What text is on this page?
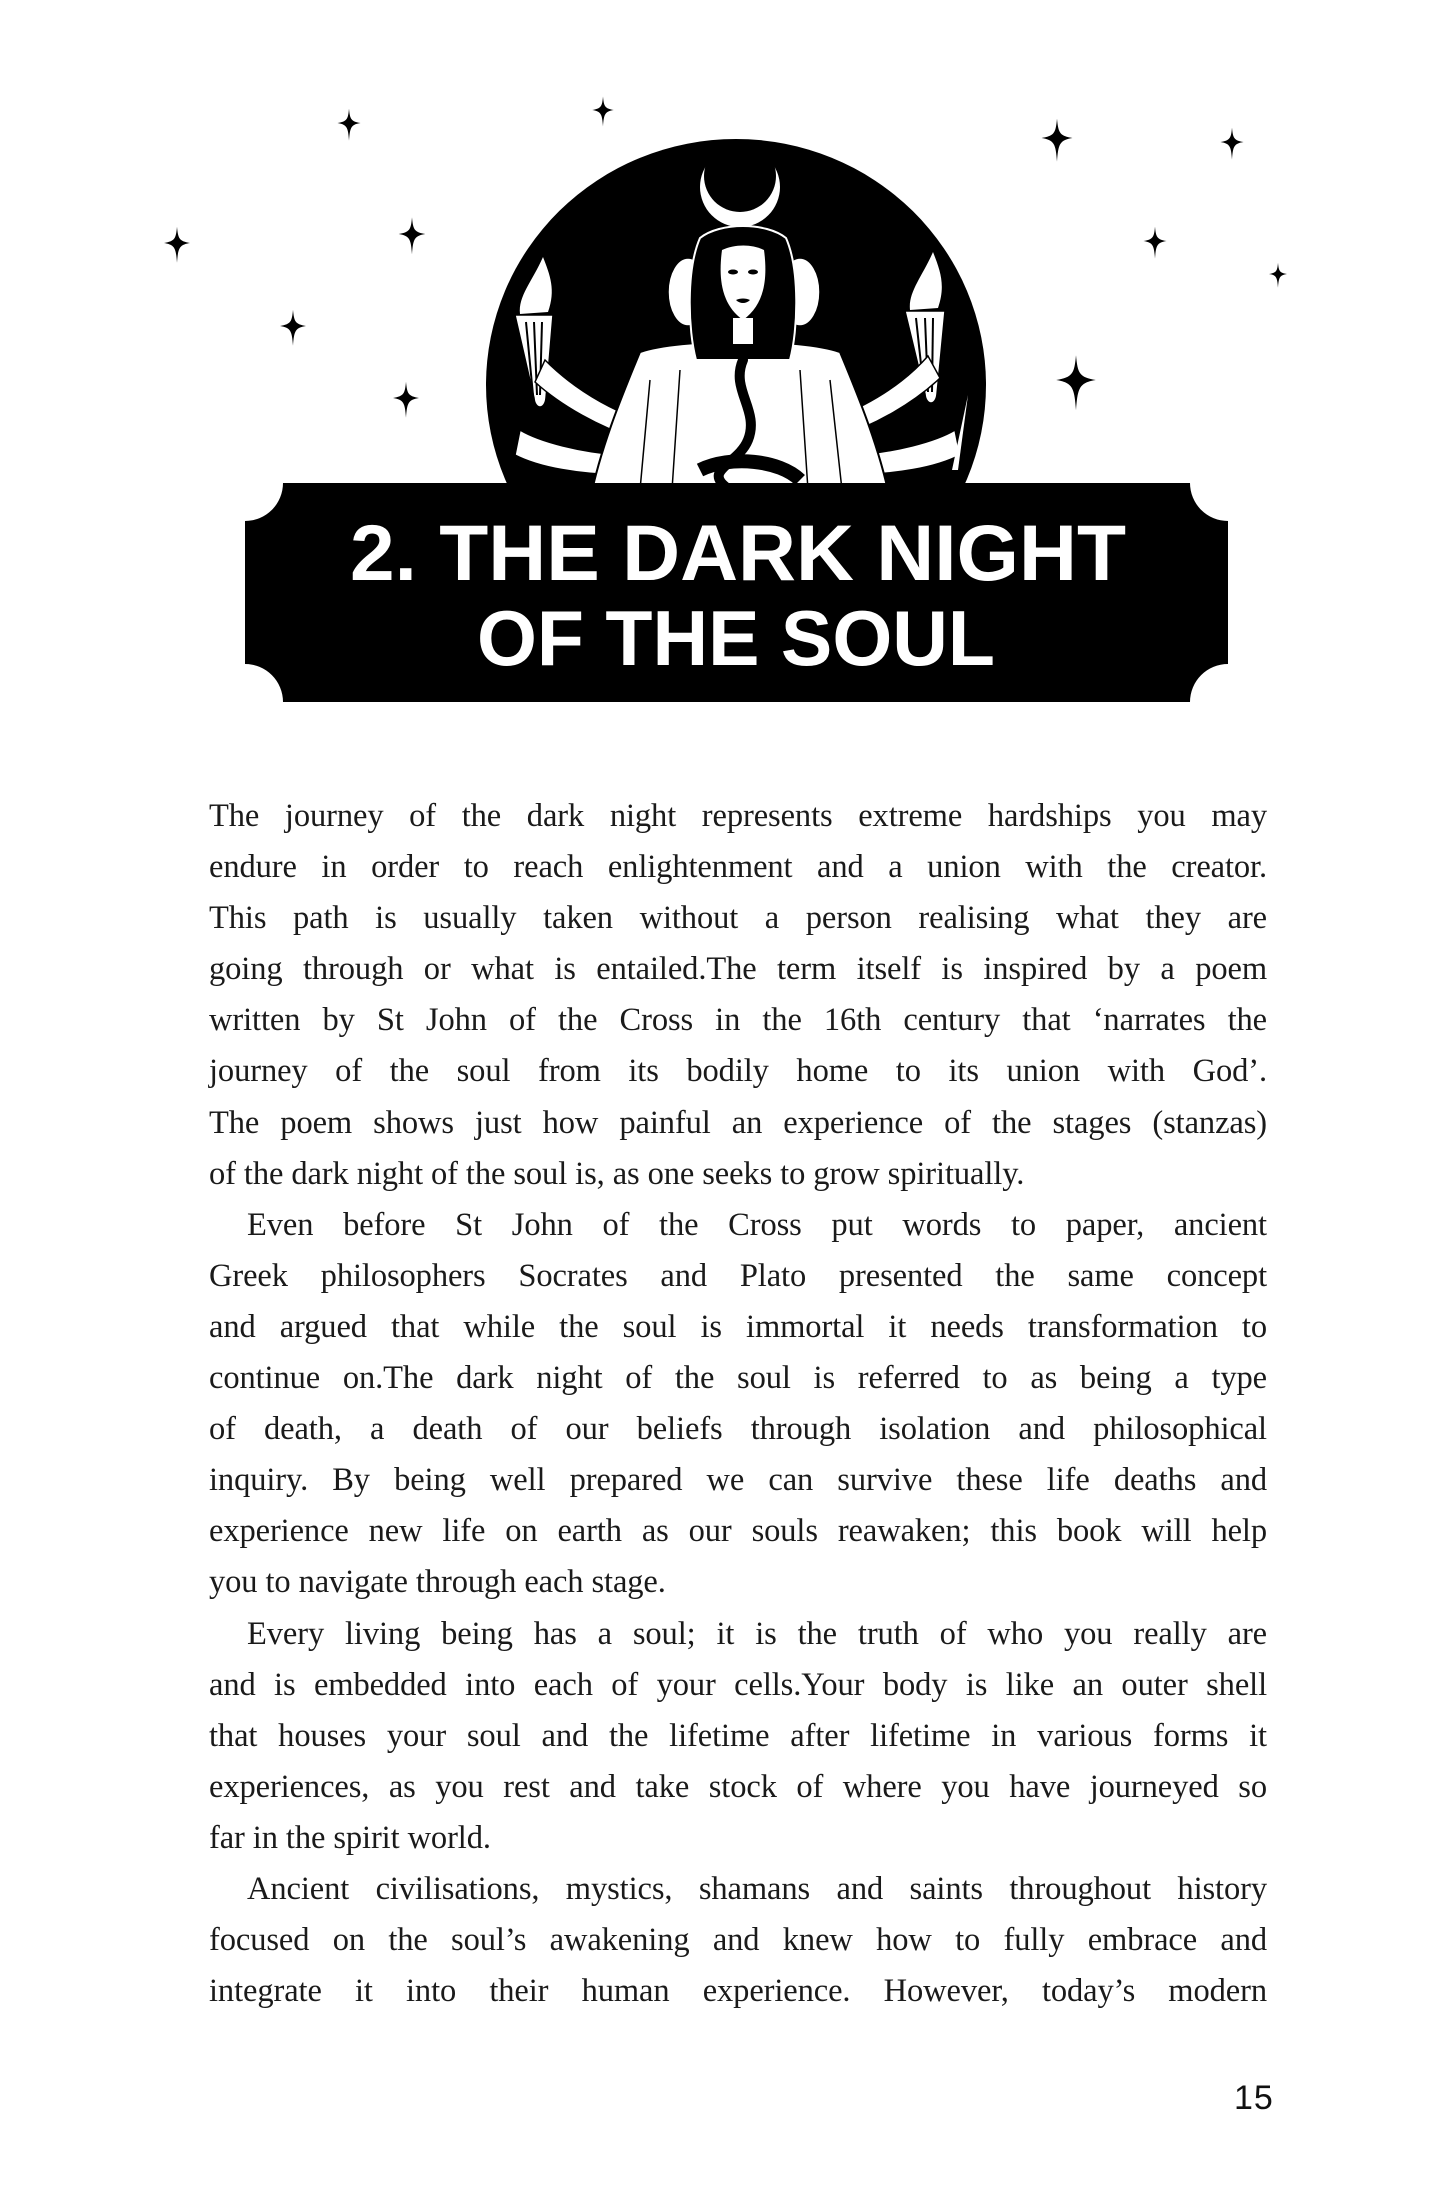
2. THE DARK NIGHT
OF THE SOUL
The journey of the dark night represents extreme hardships you may
endure in order to reach enlightenment and a union with the creator.
This path is usually taken without a person realising what they are
going through or what is entailed.The term itself is inspired by a poem
written by St John of the Cross in the 16th century that ‘narrates the
journey of the soul from its bodily home to its union with God’.
The poem shows just how painful an experience of the stages (stanzas)
of the dark night of the soul is, as one seeks to grow spiritually.
Even before St John of the Cross put words to paper, ancient
Greek philosophers Socrates and Plato presented the same concept
and argued that while the soul is immortal it needs transformation to
continue on.The dark night of the soul is referred to as being a type
of death, a death of our beliefs through isolation and philosophical
inquiry. By being well prepared we can survive these life deaths and
experience new life on earth as our souls reawaken; this book will help
you to navigate through each stage.
Every living being has a soul; it is the truth of who you really are
and is embedded into each of your cells.Your body is like an outer shell
that houses your soul and the lifetime after lifetime in various forms it
experiences, as you rest and take stock of where you have journeyed so
far in the spirit world.
Ancient civilisations, mystics, shamans and saints throughout history
focused on the soul’s awakening and knew how to fully embrace and
integrate it into their human experience. However, today’s modern
15
